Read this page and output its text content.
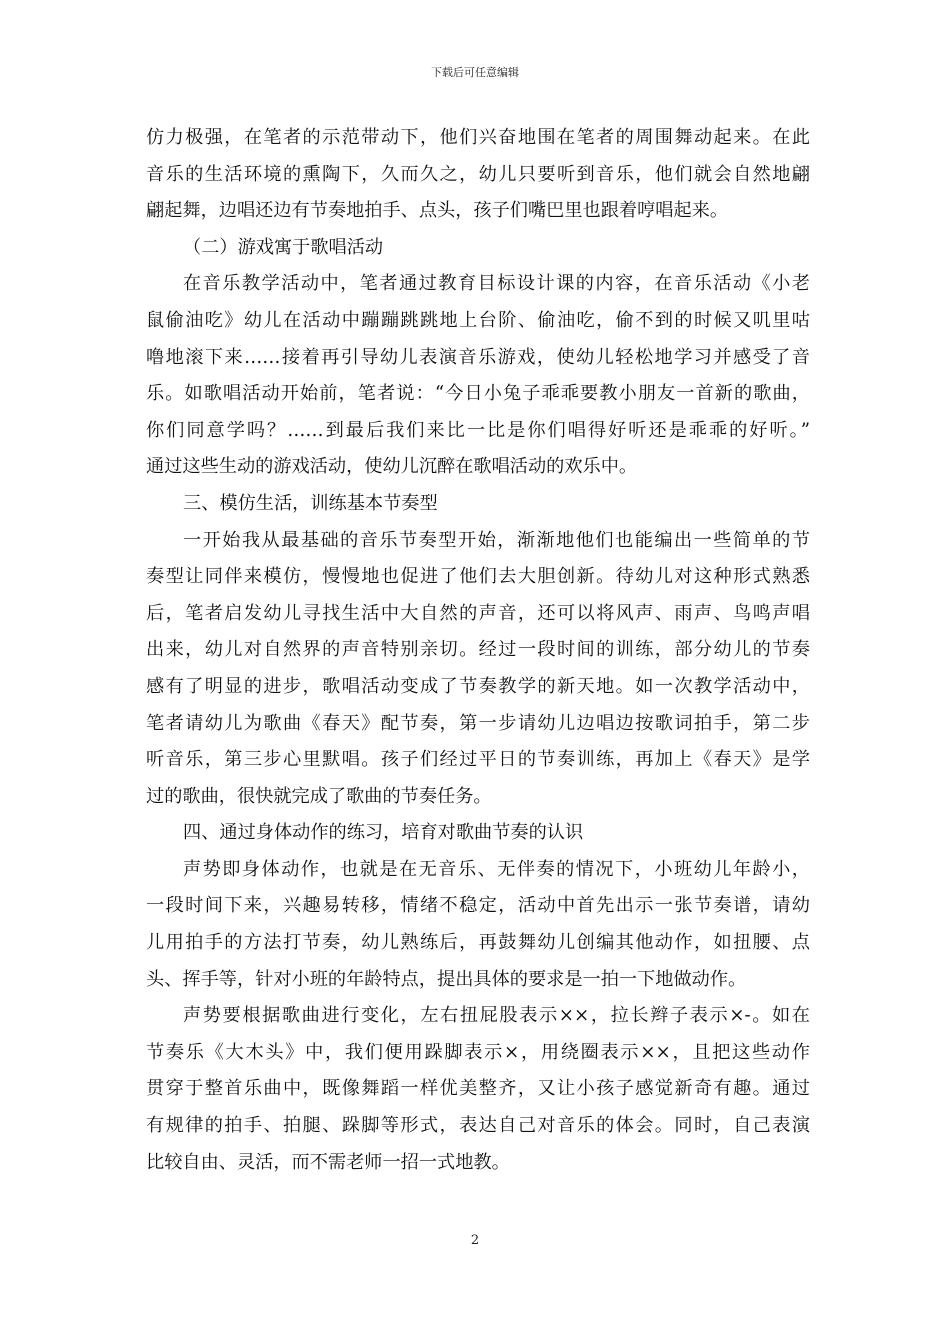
下载后可任意编辑
仿力极强，在笔者的示范带动下，他们兴奋地围在笔者的周围舞动起来。在此
音乐的生活环境的熏陶下，久而久之，幼儿只要听到音乐，他们就会自然地翩
翩起舞，边唱还边有节奏地拍手、点头，孩子们嘴巴里也跟着哼唱起来。
（二）游戏寓于歌唱活动
在音乐教学活动中，笔者通过教育目标设计课的内容，在音乐活动《小老
鼠偷油吃》幼儿在活动中蹦蹦跳跳地上台阶、偷油吃，偷不到的时候又叽里咕
噜地滚下来……接着再引导幼儿表演音乐游戏，使幼儿轻松地学习并感受了音
乐。如歌唱活动开始前，笔者说：“今日小兔子乖乖要教小朋友一首新的歌曲，
你们同意学吗？……到最后我们来比一比是你们唱得好听还是乖乖的好听。”
通过这些生动的游戏活动，使幼儿沉醉在歌唱活动的欢乐中。
三、模仿生活，训练基本节奏型
一开始我从最基础的音乐节奏型开始，渐渐地他们也能编出一些简单的节
奏型让同伴来模仿，慢慢地也促进了他们去大胆创新。待幼儿对这种形式熟悉
后，笔者启发幼儿寻找生活中大自然的声音，还可以将风声、雨声、鸟鸣声唱
出来，幼儿对自然界的声音特别亲切。经过一段时间的训练，部分幼儿的节奏
感有了明显的进步，歌唱活动变成了节奏教学的新天地。如一次教学活动中，
笔者请幼儿为歌曲《春天》配节奏，第一步请幼儿边唱边按歌词拍手，第二步
听音乐，第三步心里默唱。孩子们经过平日的节奏训练，再加上《春天》是学
过的歌曲，很快就完成了歌曲的节奏任务。
四、通过身体动作的练习，培育对歌曲节奏的认识
声势即身体动作，也就是在无音乐、无伴奏的情况下，小班幼儿年龄小，
一段时间下来，兴趣易转移，情绪不稳定，活动中首先出示一张节奏谱，请幼
儿用拍手的方法打节奏，幼儿熟练后，再鼓舞幼儿创编其他动作，如扭腰、点
头、挥手等，针对小班的年龄特点，提出具体的要求是一拍一下地做动作。
声势要根据歌曲进行变化，左右扭屁股表示××，拉长辫子表示×-。如在
节奏乐《大木头》中，我们便用跺脚表示×，用绕圈表示××，且把这些动作
贯穿于整首乐曲中，既像舞蹈一样优美整齐，又让小孩子感觉新奇有趣。通过
有规律的拍手、拍腿、跺脚等形式，表达自己对音乐的体会。同时，自己表演
比较自由、灵活，而不需老师一招一式地教。
2
